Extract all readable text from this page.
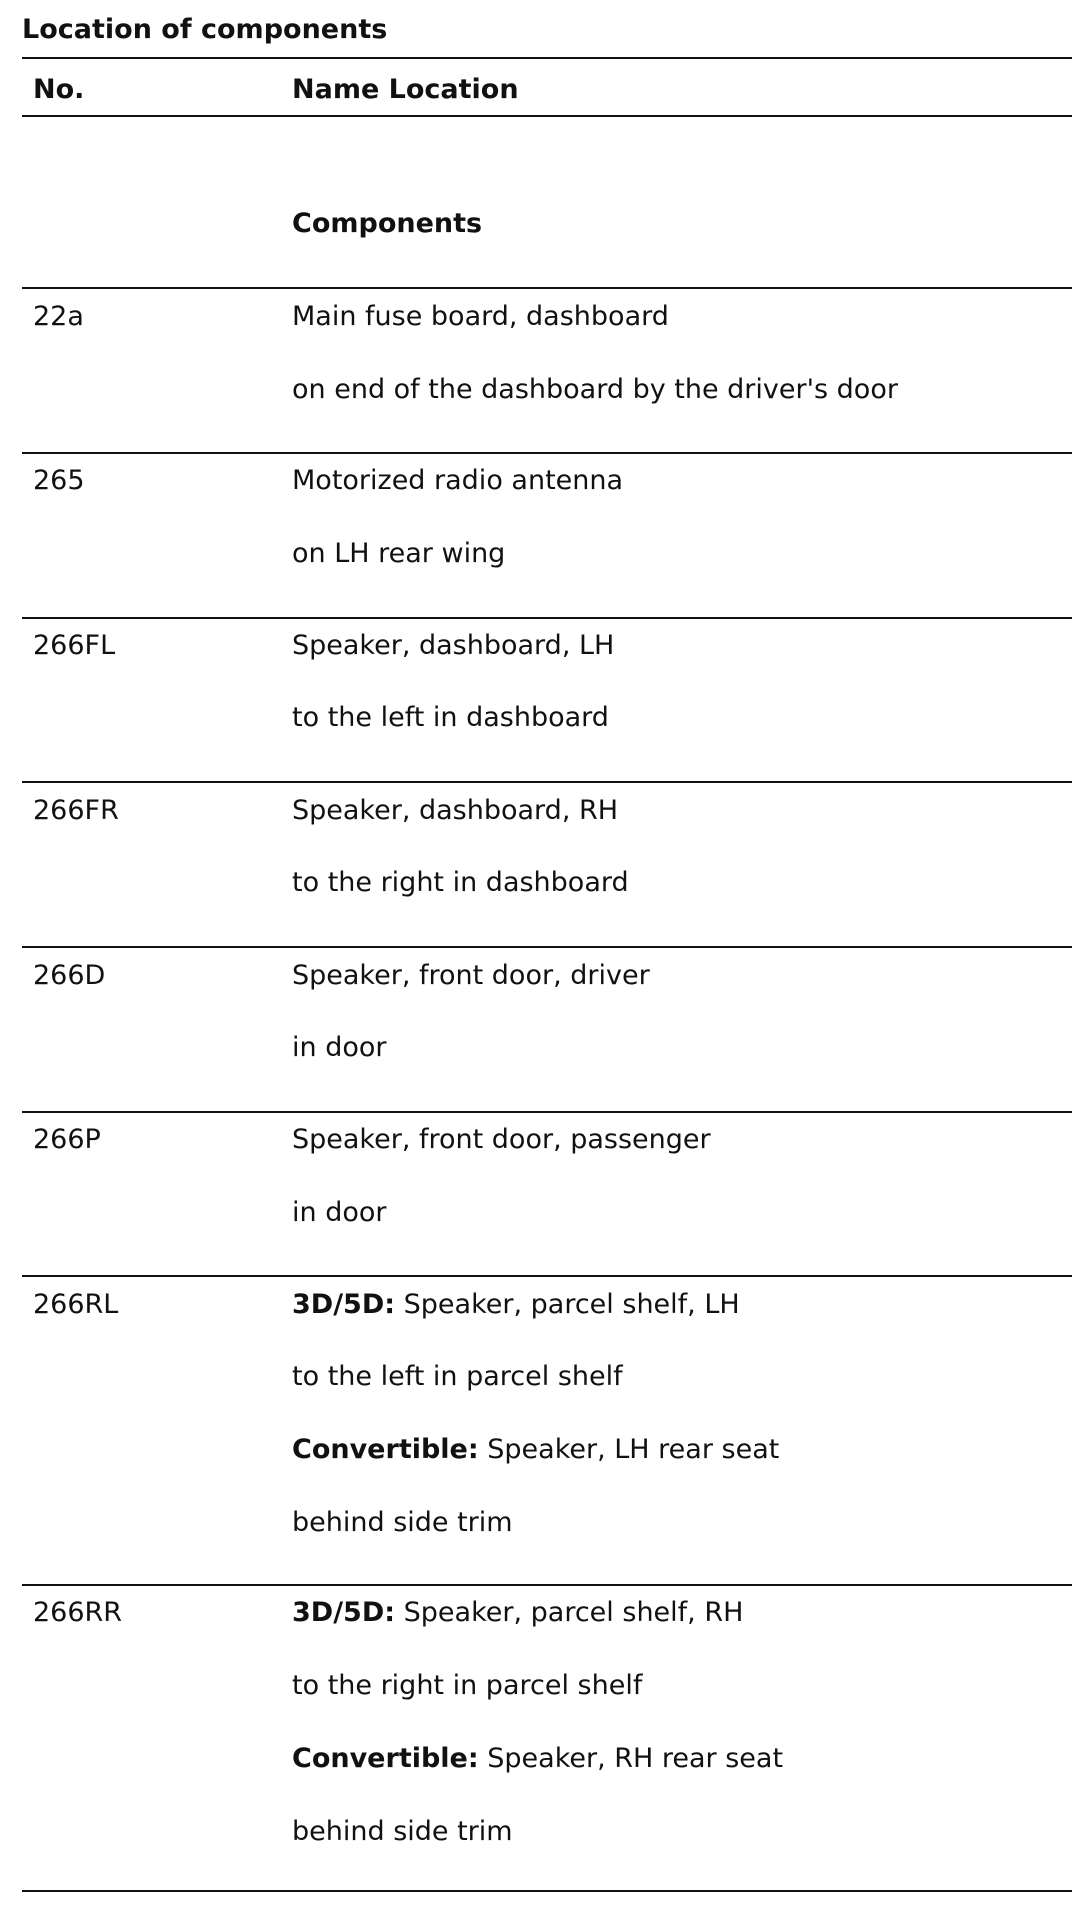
Location of components
No.	Name Location
Components
22a	Main fuse board, dashboard
on end of the dashboard by the driver's door
265	Motorized radio antenna
on LH rear wing
266FL	Speaker, dashboard, LH
to the left in dashboard
266FR	Speaker, dashboard, RH
to the right in dashboard
266D	Speaker, front door, driver
in door
266P	Speaker, front door, passenger
in door
266RL	3D/5D: Speaker, parcel shelf, LH
to the left in parcel shelf
Convertible: Speaker, LH rear seat
behind side trim
266RR	3D/5D: Speaker, parcel shelf, RH
to the right in parcel shelf
Convertible: Speaker, RH rear seat
behind side trim
